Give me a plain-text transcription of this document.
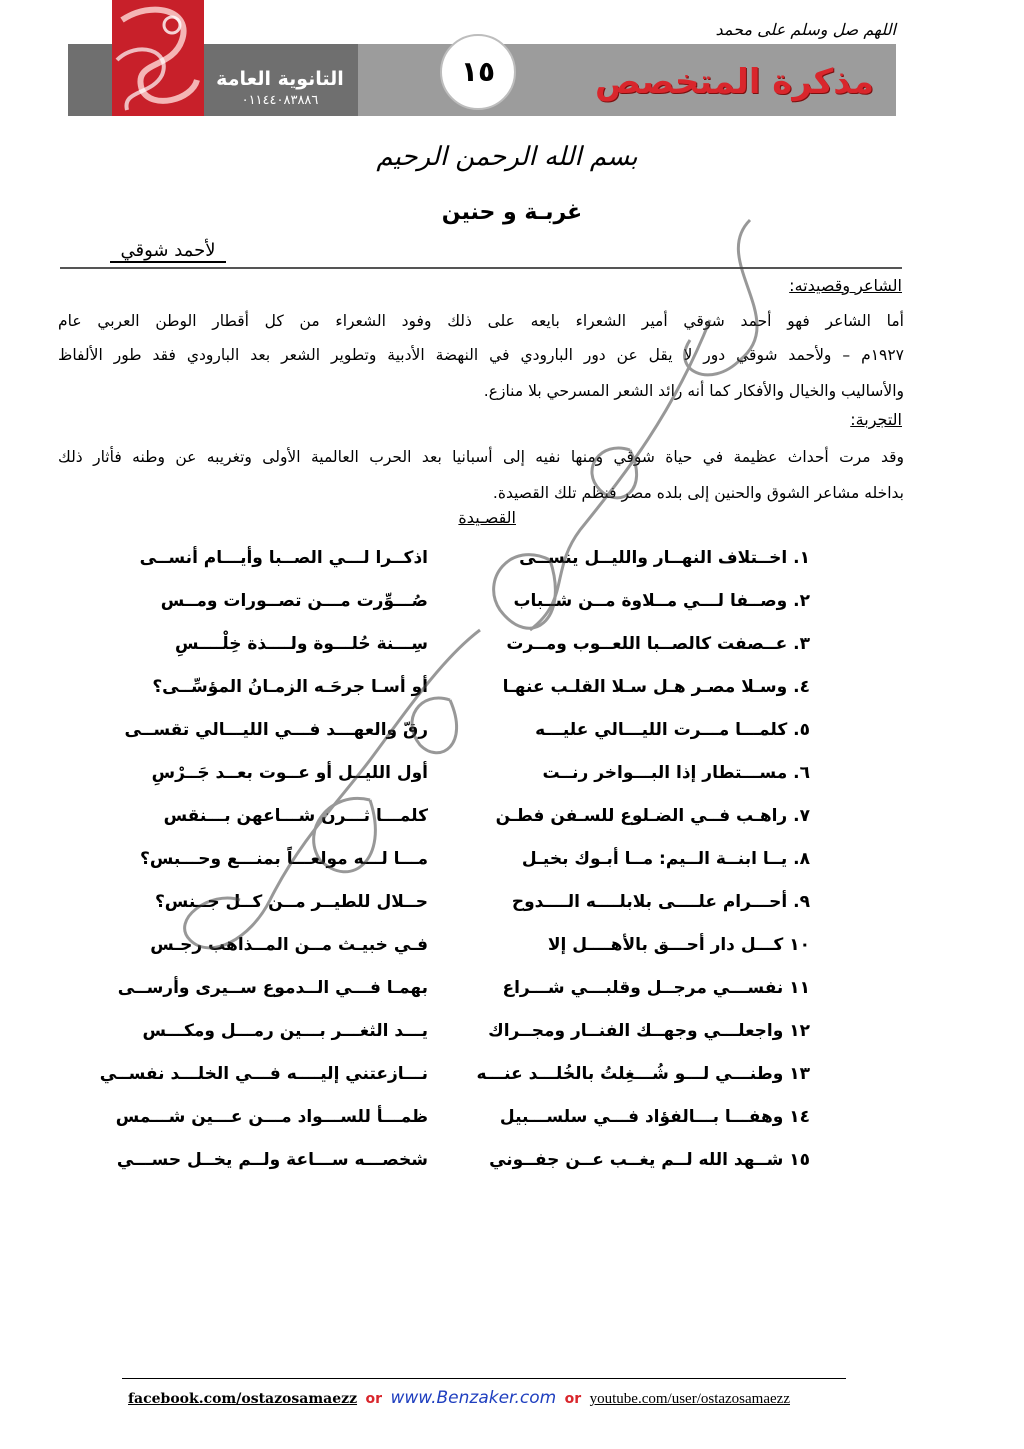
اللهم صل وسلم على محمد
التانوية العامة
٠١١٤٤٠٨٣٨٨٦
١٥	مذكرة المتخصص
بسم الله الرحمن الرحيم
غربـة و حنين
لأحمد شوقي
الشاعر وقصيدته:
أما الشاعر فهو أحمد شوقي أمير الشعراء بايعه على ذلك وفود الشعراء من كل أقطار الوطن العربي عام
١٩٢٧م – ولأحمد شوقي دور لا يقل عن دور البارودي في النهضة الأدبية وتطوير الشعر بعد البارودي فقد طور الألفاظ
والأساليب والخيال والأفكار كما أنه رائد الشعر المسرحي بلا منازع.
التجربة:
وقد مرت أحداث عظيمة في حياة شوقي ومنها نفيه إلى أسبانيا بعد الحرب العالمية الأولى وتغريبه عن وطنه فأثار ذلك
بداخله مشاعر الشوق والحنين إلى بلده مصر فنظم تلك القصيدة.
القصـيدة
١. اخــتلاف النهــار والليــل ينســى
اذكــرا لـــي الصــبا وأيـــام أنســى
٢. وصــفا لـــي مــلاوة مــن شــباب
صُـــوِّرت مـــن تصــورات ومــس
٣. عــصفت كالصــبا اللعــوب ومــرت
سِـــنة حُلـــوة ولــــذة خِلْــــسِ
٤. وسـلا مصـر هـل سـلا القلـب عنهـا
أو أسـا جرحَـه الزمـانُ المؤسِّــى؟
٥. كلمـــا مـــرت الليـــالي عليـــه
رقّ والعهـــد فـــي الليـــالي تقســى
٦. مســـتطار إذا البـــواخر رنــت
أول الليــل أو عــوت بعــد جَــرْسِ
٧. راهـب فــي الضـلوع للسـفن فطـن
كلمـــا ثـــرن شـــاعهن بـــنقس
٨. يــا ابنــة الــيم: مــا أبـوك بخيـل
مـــا لـــه مولعـــاً بمنـــع وحـــبس؟
٩. أحـــرام علــــى بلابلــــه الــــدوح
حــلال للطيــر مــن كــل جــنس؟
١٠ كـــل دار أحـــق بالأهــــل إلا
فـي خبيـث مــن المــذاهب رجـس
١١ نفســـي مرجــل وقلبـــي شـــراع
بهمـا فـــي الــدموع ســيرى وأرســى
١٢ واجعلـــي وجهــك الفنــار ومجــراك
يـــد الثغـــر بـــين رمـــل ومكـــس
١٣ وطنـــي لـــو شُـــغِلتُ بالخُلـــد عنـــه
نـــازعتني إليــــه فـــي الخلـــد نفســي
١٤ وهفـــا بـــالفؤاد فـــي سلســـبيل
ظمـــأ للســـواد مـــن عـــين شـــمس
١٥ شــهد الله لــم يغــب عــن جفــوني
شخصـــه ســـاعة ولــم يخــل حســـي
facebook.com/ostazosamaezz or www.Benzaker.com or youtube.com/user/ostazosamaezz
